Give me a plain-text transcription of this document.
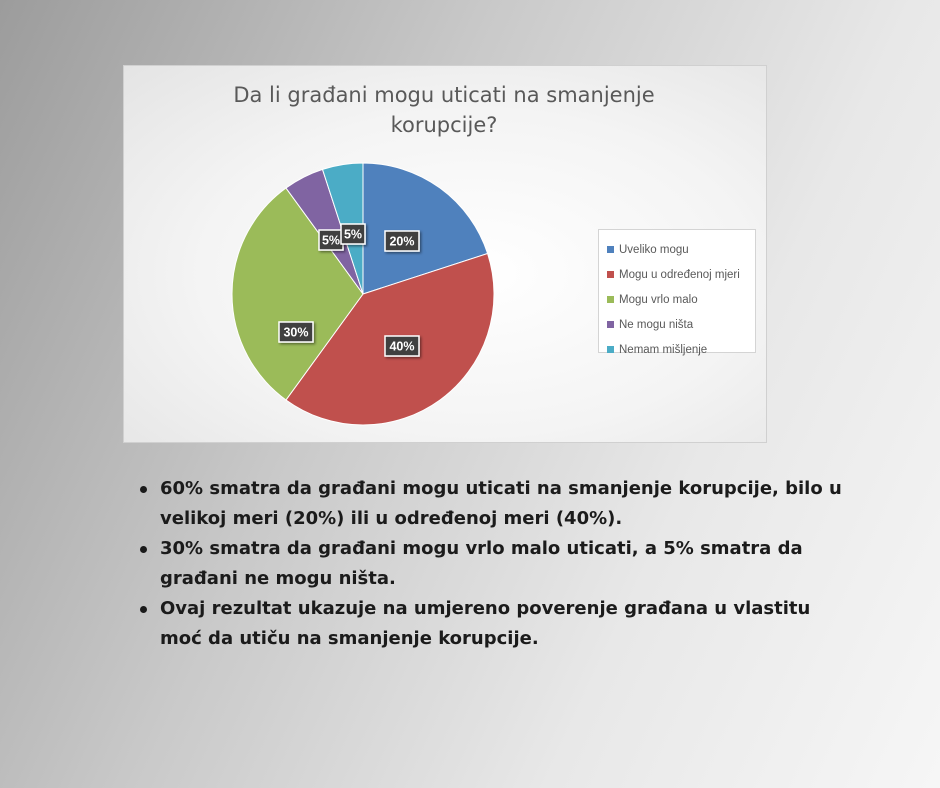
Da li građani mogu uticati na smanjenje
korupcije?
20%
40%
30%
5% 5%
Uveliko mogu
Mogu u određenoj mjeri
Mogu vrlo malo
Ne mogu ništa
Nemam mišljenje
60% smatra da građani mogu uticati na smanjenje korupcije, bilo u velikoj meri (20%) ili u određenoj meri (40%).
30% smatra da građani mogu vrlo malo uticati, a 5% smatra da građani ne mogu ništa.
Ovaj rezultat ukazuje na umjereno poverenje građana u vlastitu moć da utiču na smanjenje korupcije.
